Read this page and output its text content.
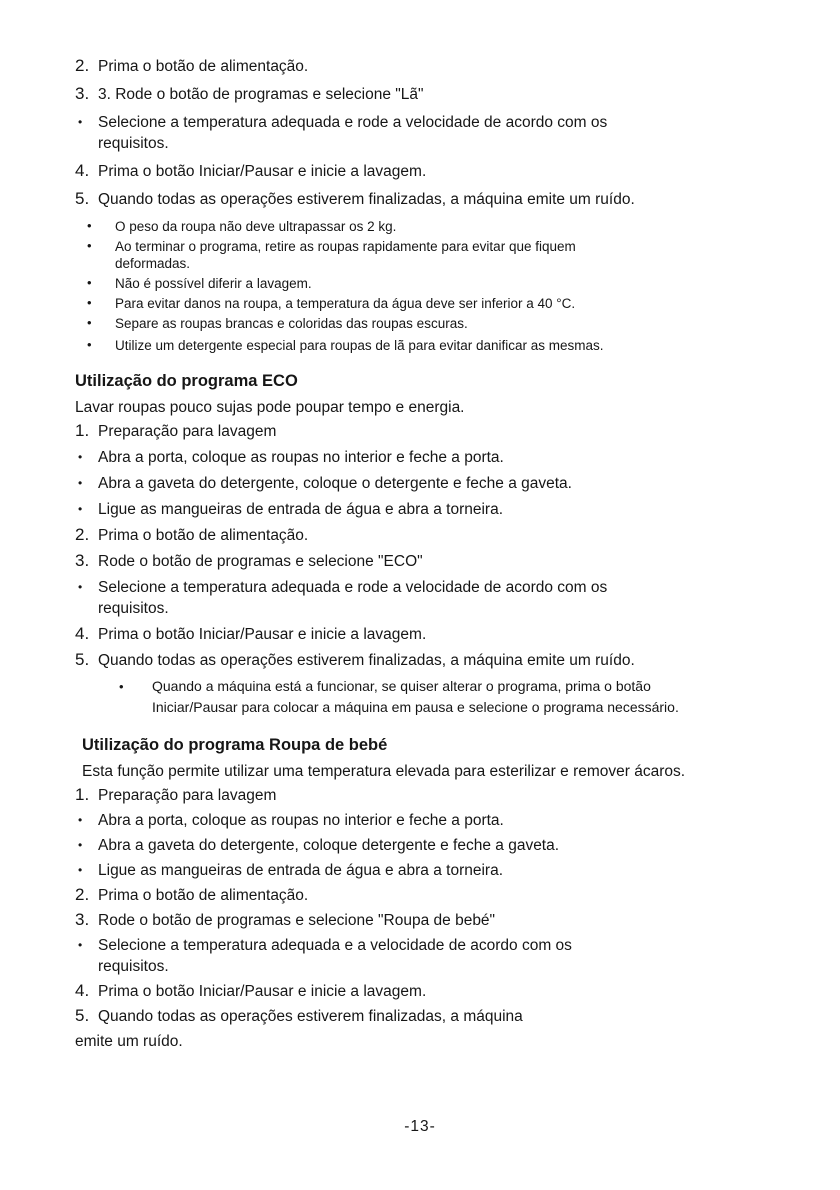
2. Prima o botão de alimentação.
3. 3. Rode o botão de programas e selecione "Lã"
• Selecione a temperatura adequada e rode a velocidade de acordo com os requisitos.
4. Prima o botão Iniciar/Pausar e inicie a lavagem.
5. Quando todas as operações estiverem finalizadas, a máquina emite um ruído.
• O peso da roupa não deve ultrapassar os 2 kg.
• Ao terminar o programa, retire as roupas rapidamente para evitar que fiquem deformadas.
• Não é possível diferir a lavagem.
• Para evitar danos na roupa, a temperatura da água deve ser inferior a 40 °C.
• Separe as roupas brancas e coloridas das roupas escuras.
• Utilize um detergente especial para roupas de lã para evitar danificar as mesmas.
Utilização do programa ECO

Lavar roupas pouco sujas pode poupar tempo e energia.

1. Preparação para lavagem
• Abra a porta, coloque as roupas no interior e feche a porta.
• Abra a gaveta do detergente, coloque o detergente e feche a gaveta.
• Ligue as mangueiras de entrada de água e abra a torneira.
2. Prima o botão de alimentação.
3. Rode o botão de programas e selecione "ECO"
• Selecione a temperatura adequada e rode a velocidade de acordo com os requisitos.
4. Prima o botão Iniciar/Pausar e inicie a lavagem.
5. Quando todas as operações estiverem finalizadas, a máquina emite um ruído.
• Quando a máquina está a funcionar, se quiser alterar o programa, prima o botão Iniciar/Pausar para colocar a máquina em pausa e selecione o programa necessário.
Utilização do programa Roupa de bebé

Esta função permite utilizar uma temperatura elevada para esterilizar e remover ácaros.

1. Preparação para lavagem
• Abra a porta, coloque as roupas no interior e feche a porta.
• Abra a gaveta do detergente, coloque detergente e feche a gaveta.
• Ligue as mangueiras de entrada de água e abra a torneira.
2. Prima o botão de alimentação.
3. Rode o botão de programas e selecione "Roupa de bebé"
• Selecione a temperatura adequada e a velocidade de acordo com os requisitos.
4. Prima o botão Iniciar/Pausar e inicie a lavagem.
5. Quando todas as operações estiverem finalizadas, a máquina
emite um ruído.
-13-
